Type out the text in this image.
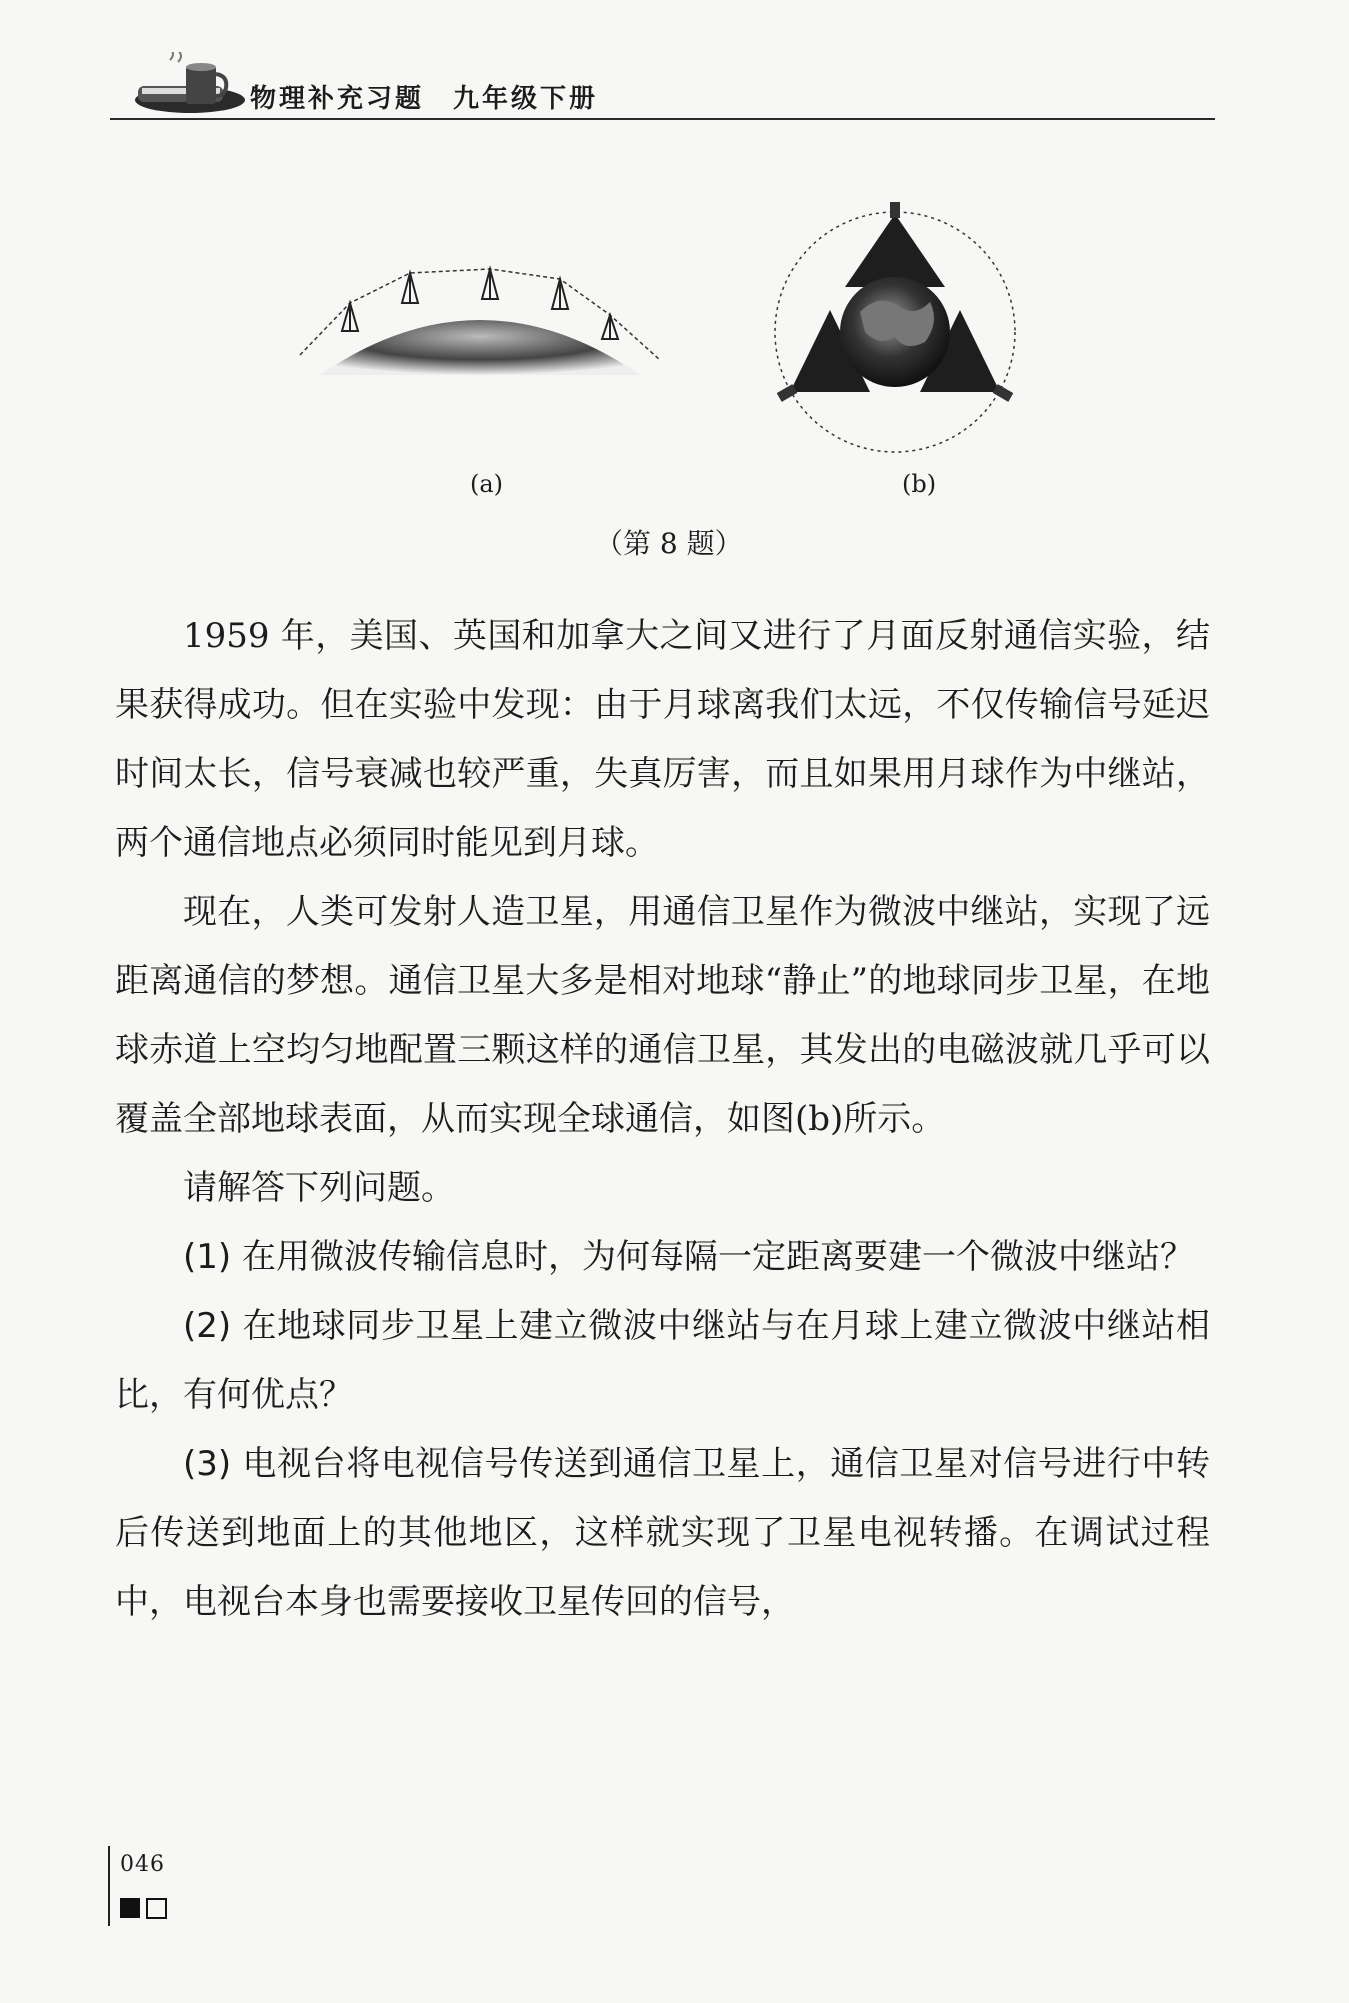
物理补充习题　九年级下册
(a)	(b)
（第 8 题）

1959 年，美国、英国和加拿大之间又进行了月面反射通信实验，结果获得成功。但在实验中发现：由于月球离我们太远，不仅传输信号延迟时间太长，信号衰减也较严重，失真厉害，而且如果用月球作为中继站，两个通信地点必须同时能见到月球。

现在，人类可发射人造卫星，用通信卫星作为微波中继站，实现了远距离通信的梦想。通信卫星大多是相对地球“静止”的地球同步卫星，在地球赤道上空均匀地配置三颗这样的通信卫星，其发出的电磁波就几乎可以覆盖全部地球表面，从而实现全球通信，如图(b)所示。

请解答下列问题。

(1) 在用微波传输信息时，为何每隔一定距离要建一个微波中继站？

(2) 在地球同步卫星上建立微波中继站与在月球上建立微波中继站相比，有何优点？

(3) 电视台将电视信号传送到通信卫星上，通信卫星对信号进行中转后传送到地面上的其他地区，这样就实现了卫星电视转播。在调试过程中，电视台本身也需要接收卫星传回的信号，

046
